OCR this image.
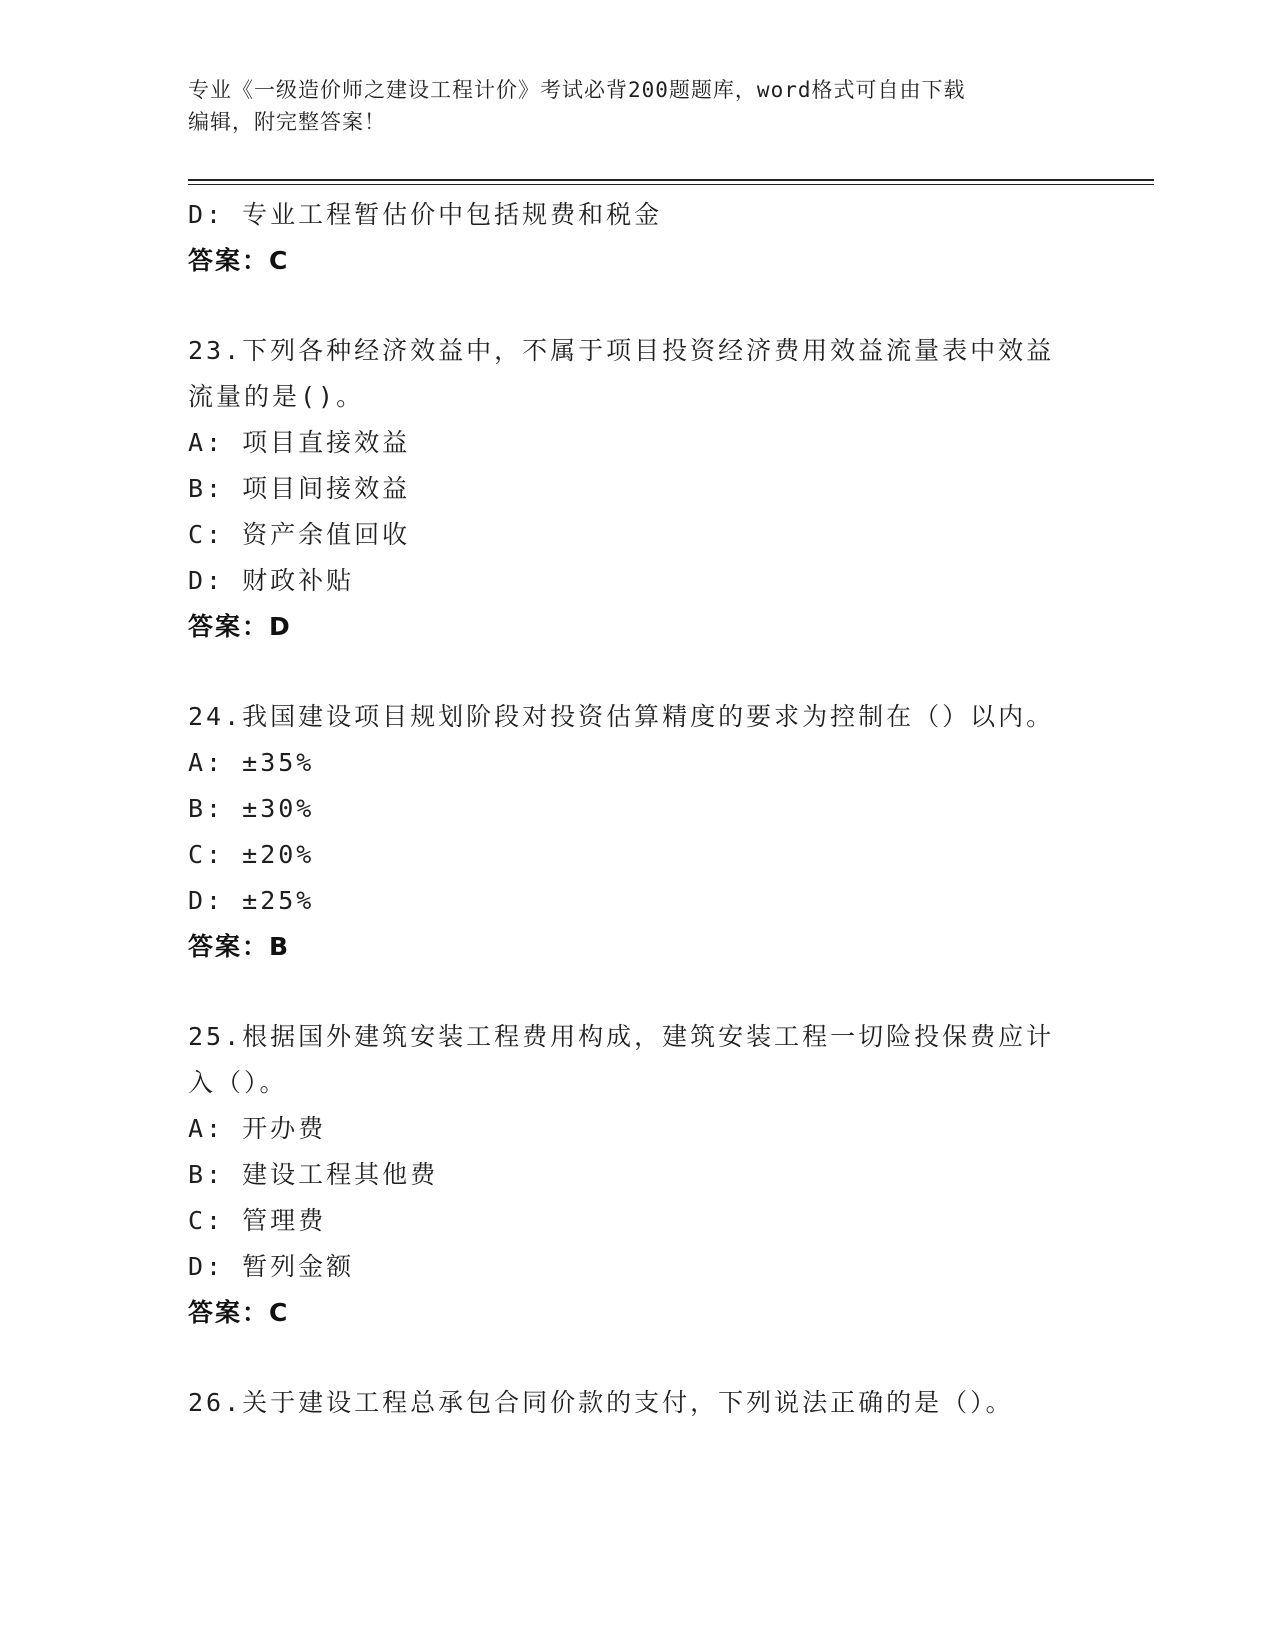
专业《一级造价师之建设工程计价》考试必背200题题库，word格式可自由下载
编辑，附完整答案！
D: 专业工程暂估价中包括规费和税金
答案：C
23.下列各种经济效益中，不属于项目投资经济费用效益流量表中效益
流量的是()。
A: 项目直接效益
B: 项目间接效益
C: 资产余值回收
D: 财政补贴
答案：D
24.我国建设项目规划阶段对投资估算精度的要求为控制在（）以内。
A: ±35%
B: ±30%
C: ±20%
D: ±25%
答案：B
25.根据国外建筑安装工程费用构成，建筑安装工程一切险投保费应计
入（）。
A: 开办费
B: 建设工程其他费
C: 管理费
D: 暂列金额
答案：C
26.关于建设工程总承包合同价款的支付，下列说法正确的是（）。
